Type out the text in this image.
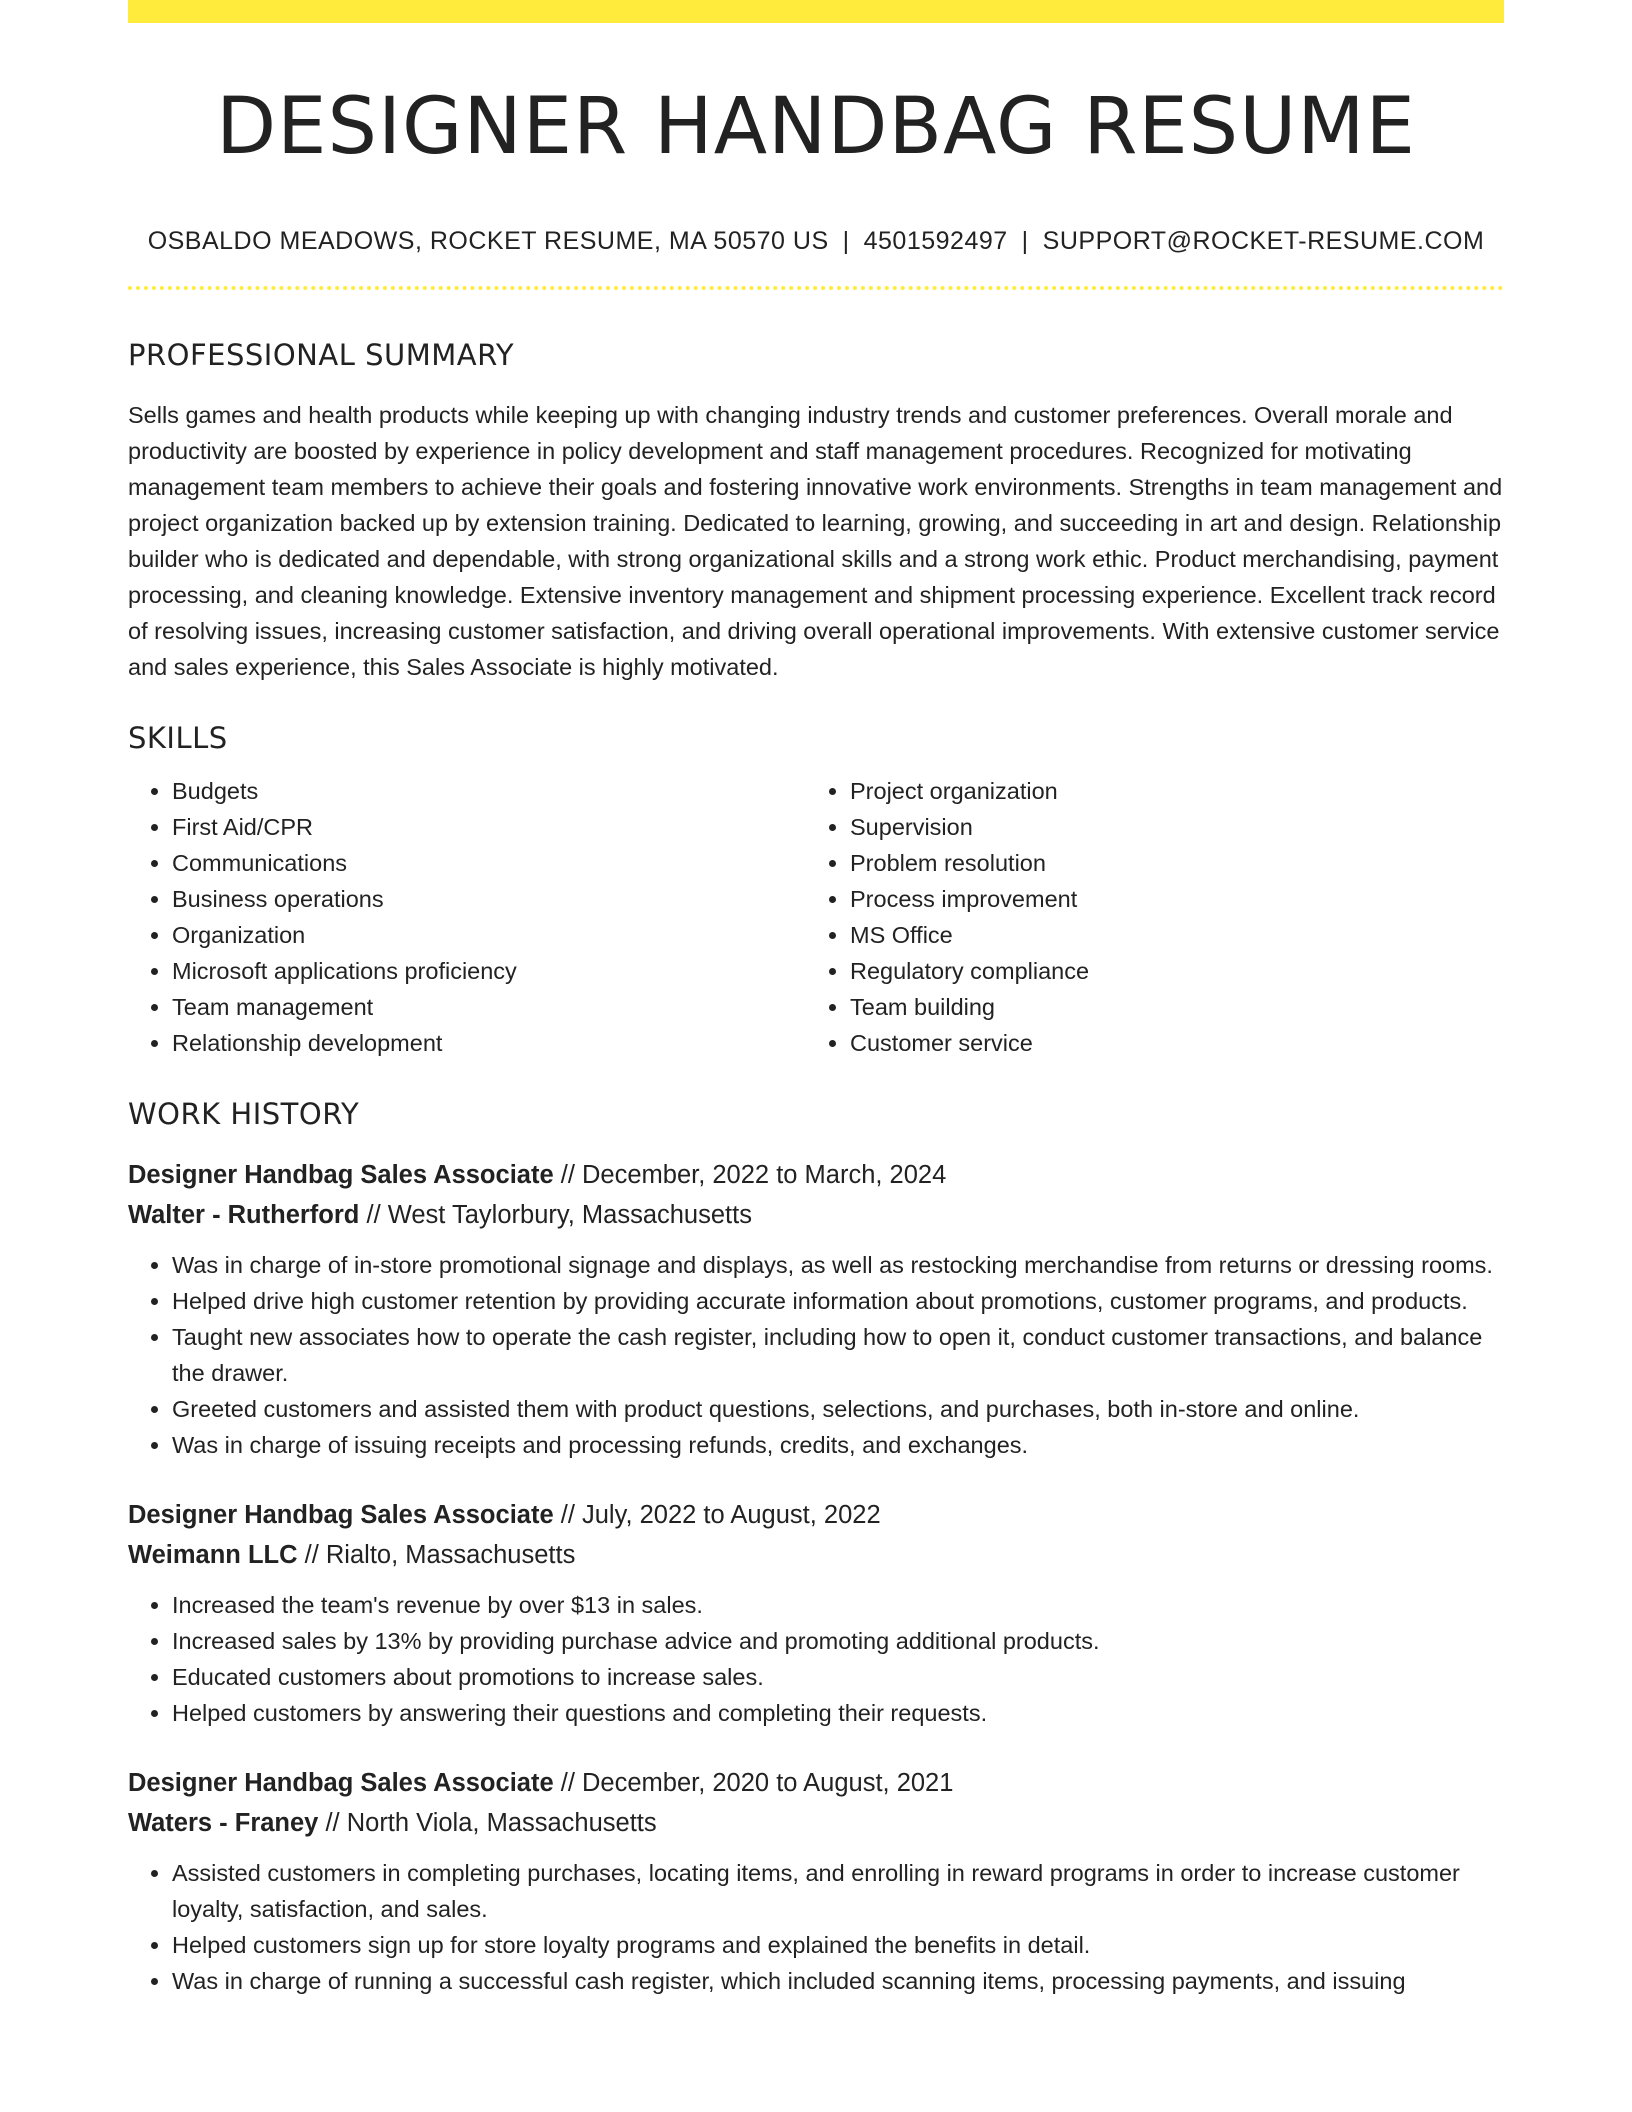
DESIGNER HANDBAG RESUME
OSBALDO MEADOWS, ROCKET RESUME, MA 50570 US | 4501592497 | SUPPORT@ROCKET-RESUME.COM
PROFESSIONAL SUMMARY

Sells games and health products while keeping up with changing industry trends and customer preferences. Overall morale and productivity are boosted by experience in policy development and staff management procedures. Recognized for motivating management team members to achieve their goals and fostering innovative work environments. Strengths in team management and project organization backed up by extension training. Dedicated to learning, growing, and succeeding in art and design. Relationship builder who is dedicated and dependable, with strong organizational skills and a strong work ethic. Product merchandising, payment processing, and cleaning knowledge. Extensive inventory management and shipment processing experience. Excellent track record of resolving issues, increasing customer satisfaction, and driving overall operational improvements. With extensive customer service and sales experience, this Sales Associate is highly motivated.

SKILLS
• Budgets
• First Aid/CPR
• Communications
• Business operations
• Organization
• Microsoft applications proficiency
• Team management
• Relationship development
• Project organization
• Supervision
• Problem resolution
• Process improvement
• MS Office
• Regulatory compliance
• Team building
• Customer service
WORK HISTORY
Designer Handbag Sales Associate // December, 2022 to March, 2024
Walter - Rutherford // West Taylorbury, Massachusetts
• Was in charge of in-store promotional signage and displays, as well as restocking merchandise from returns or dressing rooms.
• Helped drive high customer retention by providing accurate information about promotions, customer programs, and products.
• Taught new associates how to operate the cash register, including how to open it, conduct customer transactions, and balance the drawer.
• Greeted customers and assisted them with product questions, selections, and purchases, both in-store and online.
• Was in charge of issuing receipts and processing refunds, credits, and exchanges.
Designer Handbag Sales Associate // July, 2022 to August, 2022
Weimann LLC // Rialto, Massachusetts
• Increased the team's revenue by over $13 in sales.
• Increased sales by 13% by providing purchase advice and promoting additional products.
• Educated customers about promotions to increase sales.
• Helped customers by answering their questions and completing their requests.
Designer Handbag Sales Associate // December, 2020 to August, 2021
Waters - Franey // North Viola, Massachusetts
• Assisted customers in completing purchases, locating items, and enrolling in reward programs in order to increase customer loyalty, satisfaction, and sales.
• Helped customers sign up for store loyalty programs and explained the benefits in detail.
• Was in charge of running a successful cash register, which included scanning items, processing payments, and issuing
